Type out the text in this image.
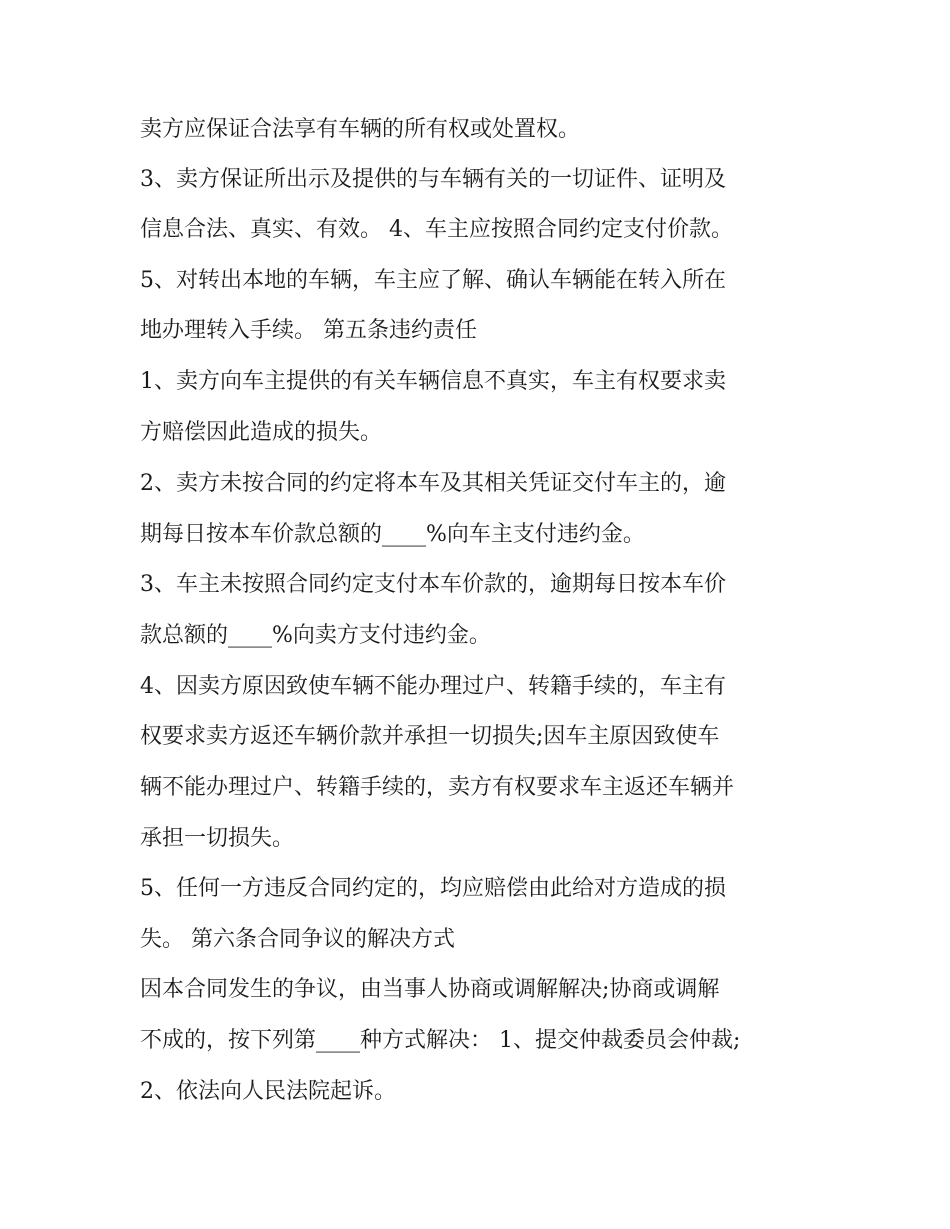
卖方应保证合法享有车辆的所有权或处置权。

3、卖方保证所出示及提供的与车辆有关的一切证件、证明及

信息合法、真实、有效。 4、车主应按照合同约定支付价款。

5、对转出本地的车辆，车主应了解、确认车辆能在转入所在

地办理转入手续。 第五条违约责任

1、卖方向车主提供的有关车辆信息不真实，车主有权要求卖

方赔偿因此造成的损失。

2、卖方未按合同的约定将本车及其相关凭证交付车主的，逾

期每日按本车价款总额的____%向车主支付违约金。

3、车主未按照合同约定支付本车价款的，逾期每日按本车价

款总额的____%向卖方支付违约金。

4、因卖方原因致使车辆不能办理过户、转籍手续的，车主有

权要求卖方返还车辆价款并承担一切损失;因车主原因致使车

辆不能办理过户、转籍手续的，卖方有权要求车主返还车辆并

承担一切损失。

5、任何一方违反合同约定的，均应赔偿由此给对方造成的损

失。 第六条合同争议的解决方式

因本合同发生的争议，由当事人协商或调解解决;协商或调解

不成的，按下列第____种方式解决： 1、提交仲裁委员会仲裁;

2、依法向人民法院起诉。
